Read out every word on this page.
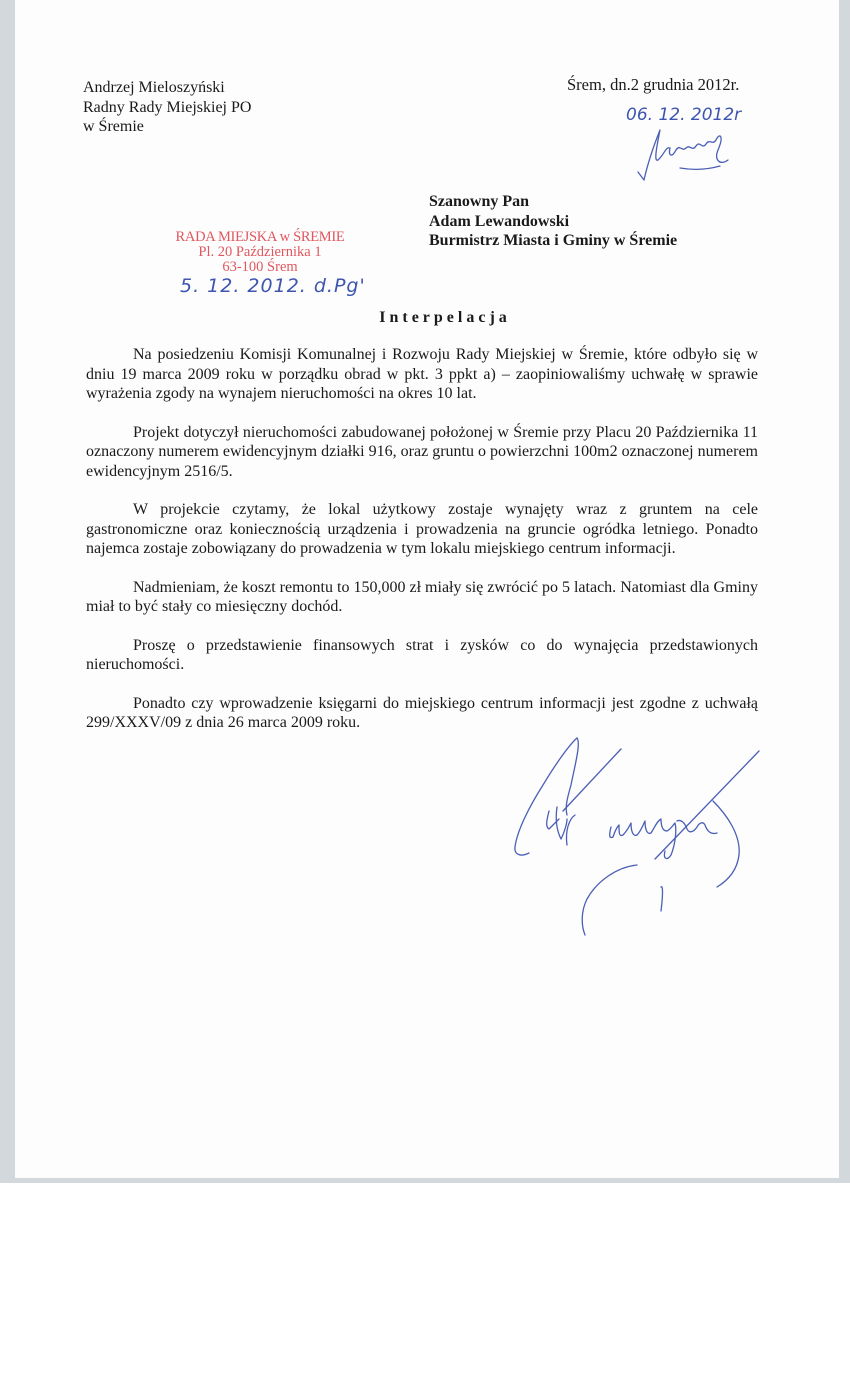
Andrzej Mieloszyński
Radny Rady Miejskiej PO
w Śremie
Śrem, dn.2 grudnia 2012r.
06. 12. 2012r
Szanowny Pan
Adam Lewandowski
Burmistrz Miasta i Gminy w Śremie
RADA MIEJSKA w ŚREMIE
Pl. 20 Października 1
63-100 Śrem
5. 12. 2012. d.Pg'
Interpelacja

Na posiedzeniu Komisji Komunalnej i Rozwoju Rady Miejskiej w Śremie, które odbyło się w dniu 19 marca 2009 roku w porządku obrad w pkt. 3 ppkt a) – zaopiniowaliśmy uchwałę w sprawie wyrażenia zgody na wynajem nieruchomości na okres 10 lat.

Projekt dotyczył nieruchomości zabudowanej położonej w Śremie przy Placu 20 Października 11 oznaczony numerem ewidencyjnym działki 916, oraz gruntu o powierzchni 100m2 oznaczonej numerem ewidencyjnym 2516/5.

W projekcie czytamy, że lokal użytkowy zostaje wynajęty wraz z gruntem na cele gastronomiczne oraz koniecznością urządzenia i prowadzenia na gruncie ogródka letniego. Ponadto najemca zostaje zobowiązany do prowadzenia w tym lokalu miejskiego centrum informacji.

Nadmieniam, że koszt remontu to 150,000 zł miały się zwrócić po 5 latach. Natomiast dla Gminy miał to być stały co miesięczny dochód.

Proszę o przedstawienie finansowych strat i zysków co do wynajęcia przedstawionych nieruchomości.

Ponadto czy wprowadzenie księgarni do miejskiego centrum informacji jest zgodne z uchwałą 299/XXXV/09 z dnia 26 marca 2009 roku.
